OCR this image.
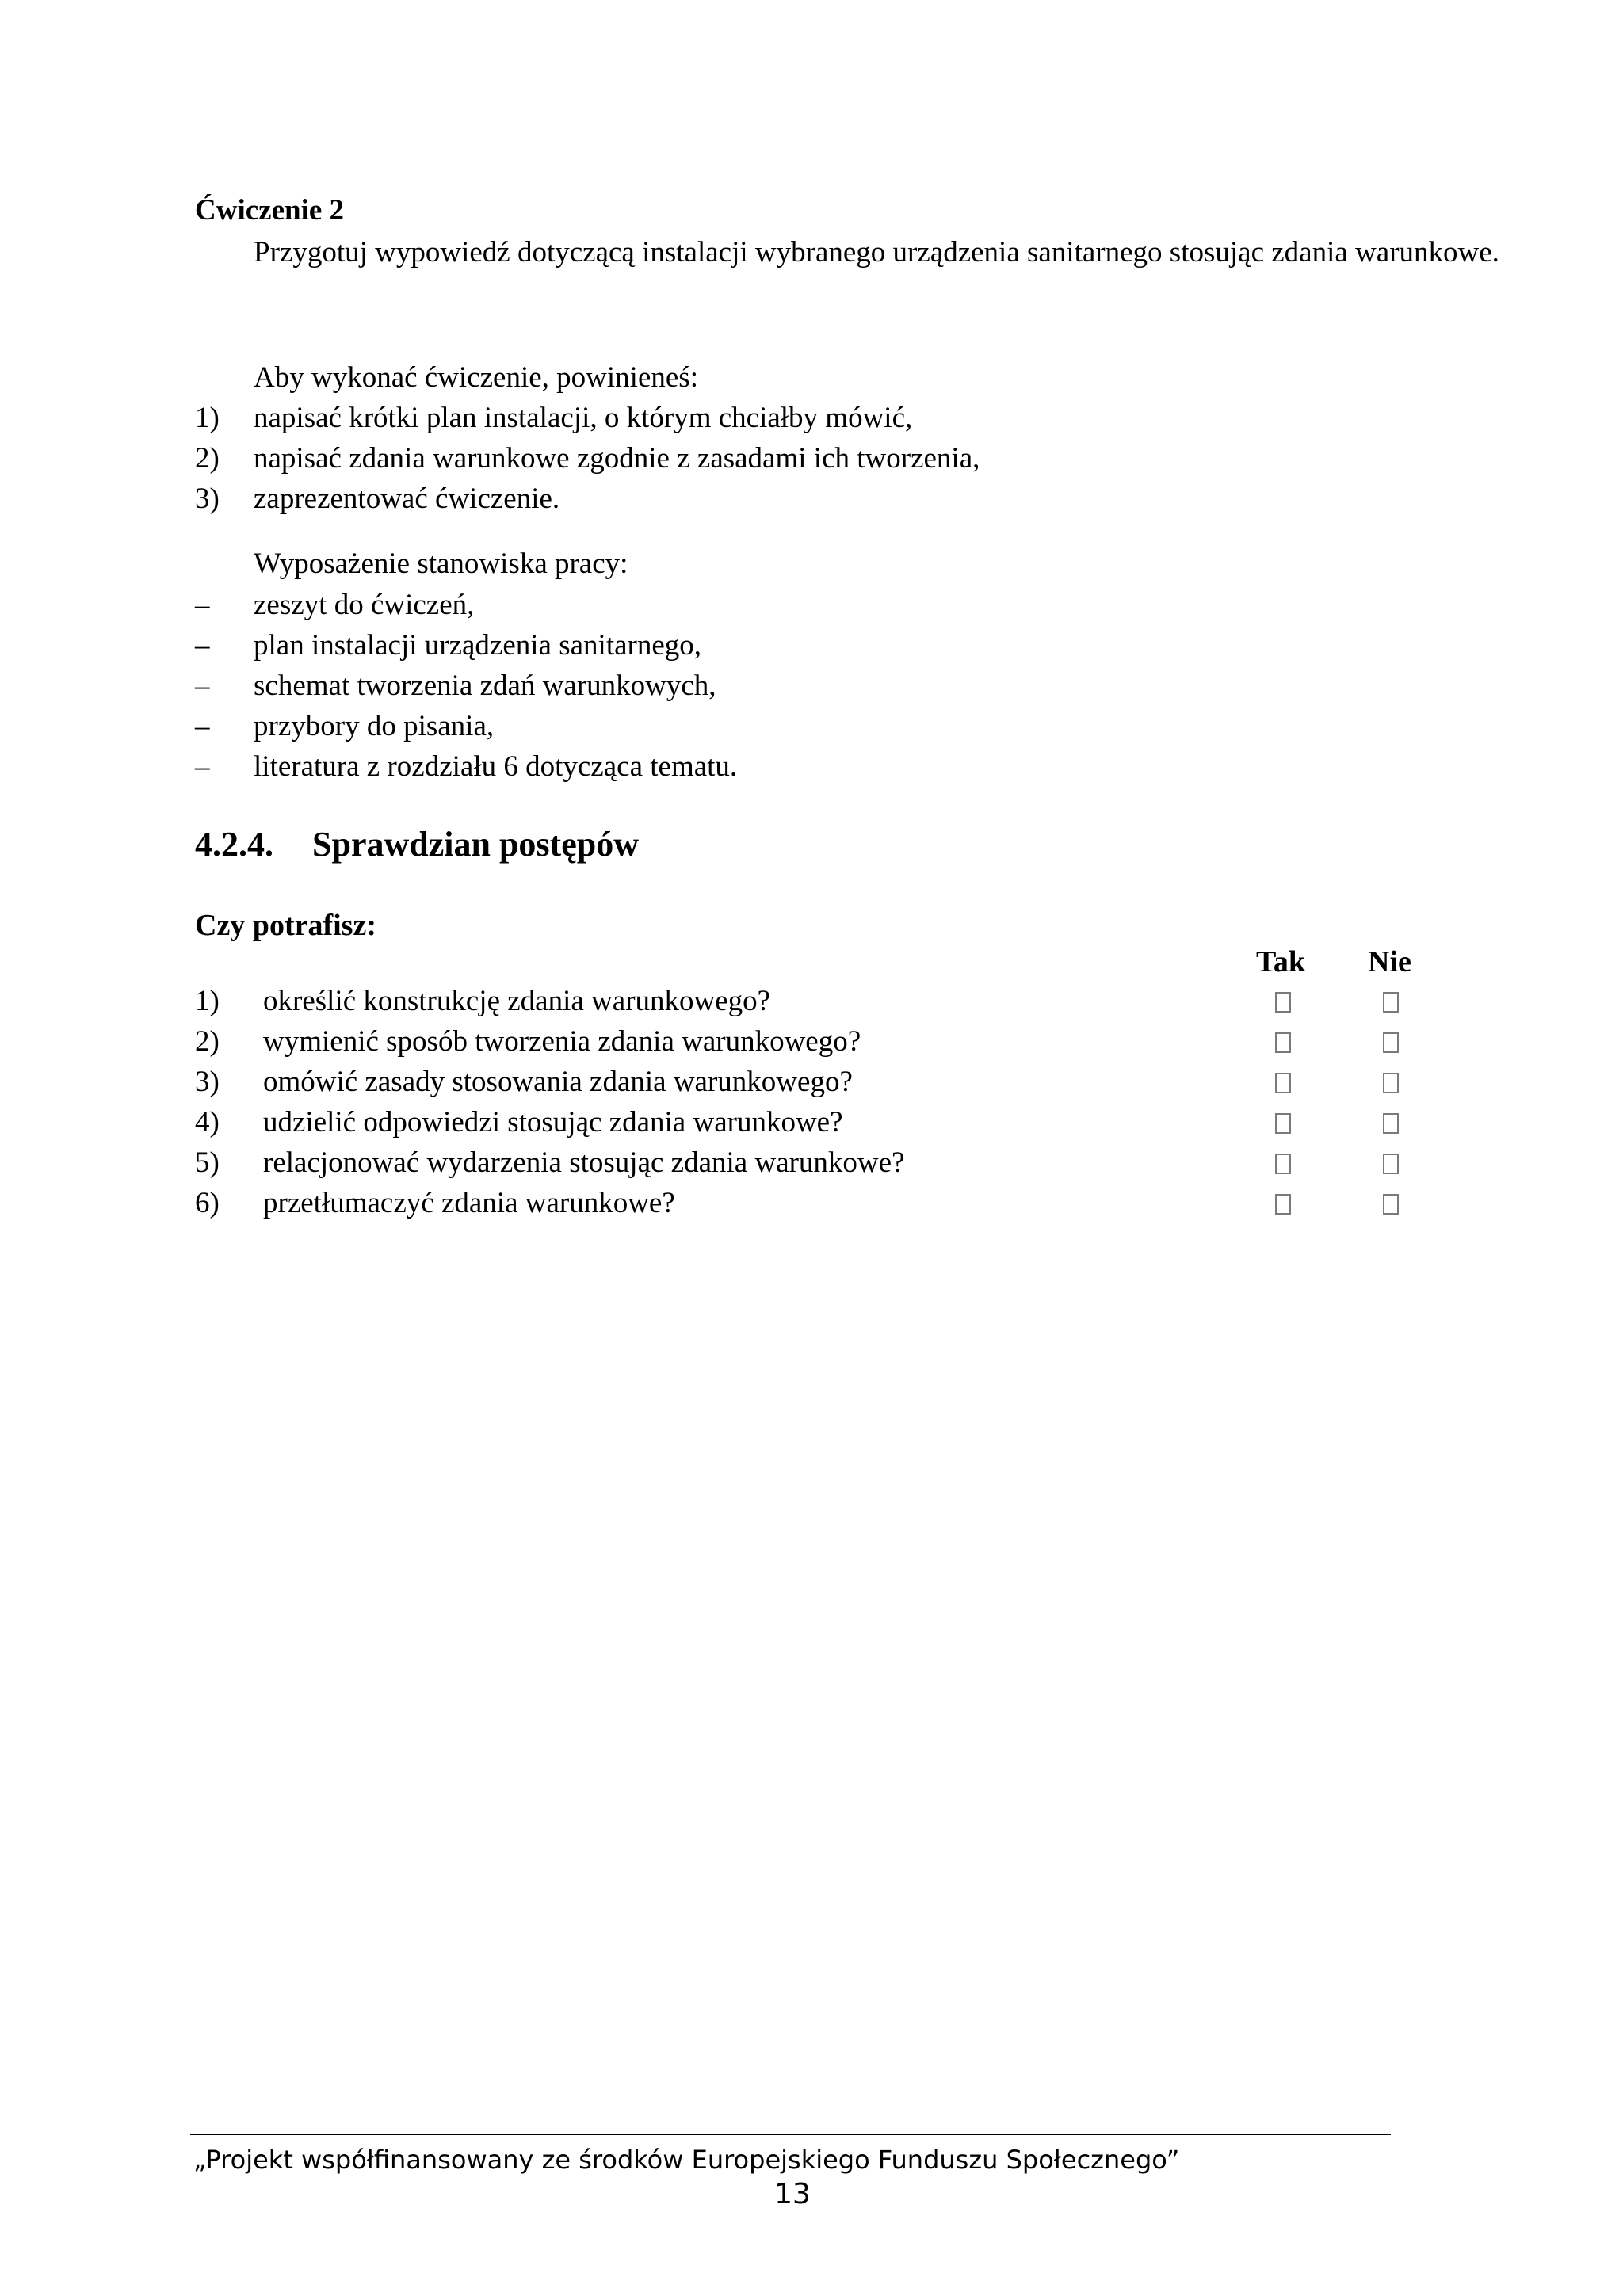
Ćwiczenie 2

Przygotuj wypowiedź dotyczącą instalacji wybranego urządzenia sanitarnego stosując zdania warunkowe.

Aby wykonać ćwiczenie, powinieneś:
1) napisać krótki plan instalacji, o którym chciałby mówić,
2) napisać zdania warunkowe zgodnie z zasadami ich tworzenia,
3) zaprezentować ćwiczenie.
Wyposażenie stanowiska pracy:
– zeszyt do ćwiczeń,
– plan instalacji urządzenia sanitarnego,
– schemat tworzenia zdań warunkowych,
– przybory do pisania,
– literatura z rozdziału 6 dotycząca tematu.
4.2.4. Sprawdzian postępów
Czy potrafisz:
Tak Nie
1) określić konstrukcję zdania warunkowego?
2) wymienić sposób tworzenia zdania warunkowego?
3) omówić zasady stosowania zdania warunkowego?
4) udzielić odpowiedzi stosując zdania warunkowe?
5) relacjonować wydarzenia stosując zdania warunkowe?
6) przetłumaczyć zdania warunkowe?
„Projekt współfinansowany ze środków Europejskiego Funduszu Społecznego”
13
